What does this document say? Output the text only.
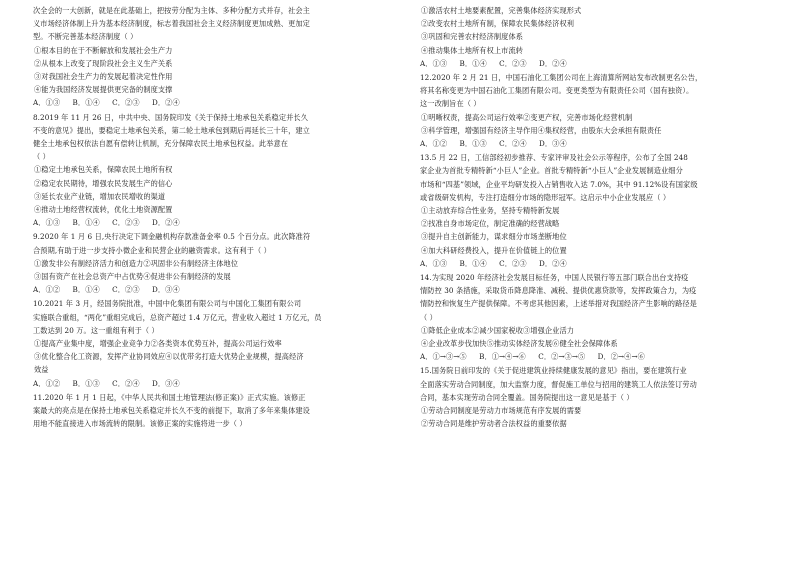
次全会的一大创新，就是在此基础上，把按劳分配为主体、多种分配方式并存，社会主

义市场经济体制上升为基本经济制度，标志着我国社会主义经济制度更加成熟、更加定

型。不断完善基本经济制度（ ）

①根本目的在于不断解放和发展社会生产力

②从根本上改变了现阶段社会主义生产关系

③对我国社会生产力的发展起着决定性作用

④能为我国经济发展提供更完备的制度支撑

A．①③ B．①④ C．②③ D．②④

8.2019 年 11 月 26 日，中共中央、国务院印发《关于保持土地承包关系稳定并长久

不变的意见》提出，要稳定土地承包关系，第二轮土地承包到期后再延长三十年，建立

健全土地承包权依法自愿有偿转让机制，充分保障农民土地承包权益。此举意在

（ ）

①稳定土地承包关系，保障农民土地所有权

②稳定农民期待，增强农民发展生产的信心

③延长农业产业链，增加农民增收的渠道

④推动土地经营权流转，优化土地资源配置

A．①③ B．①④ C．②③ D．②④

9.2020 年 1 月 6 日,央行决定下调金融机构存款准备金率 0.5 个百分点。此次降准符

合预期,有助于进一步支持小微企业和民营企业的融资需求。这有利于（ ）

①激发非公有制经济活力和创造力②巩固非公有制经济主体地位

③国有资产在社会总资产中占优势④促进非公有制经济的发展

A．①② B．①④ C．②③ D．③④

10.2021 年 3 月，经国务院批准，中国中化集团有限公司与中国化工集团有限公司

实施联合重组，“两化”重组完成后，总资产超过 1.4 万亿元，营业收入超过 1 万亿元，员

工数达到 20 万。这一重组有利于（ ）

①提高产业集中度，增强企业竞争力②各类资本优势互补，提高公司运行效率

③优化整合化工资源，发挥产业协同效应④以优带劣打造大优势企业规模，提高经济

效益

A．①② B．①③ C．②④ D．③④

11.2020 年 1 月 1 日起，《中华人民共和国土地管理法(修正案)》正式实施。该修正

案最大的亮点是在保持土地承包关系稳定并长久不变的前提下，取消了多年来集体建设

用地不能直接进入市场流转的限制。该修正案的实施将进一步（ ）

①激活农村土地要素配置，完善集体经济实现形式

②改变农村土地所有制，保障农民集体经济权利

③巩固和完善农村经济制度体系

④推动集体土地所有权上市流转

A．①③ B．①④ C．②③ D．②④

12.2020 年 2 月 21 日，中国石油化工集团公司在上海清算所网站发布改制更名公告，

将其名称变更为中国石油化工集团有限公司。变更类型为有限责任公司（国有独资）。

这一改制旨在（ ）

①明晰权责，提高公司运行效率②变更产权，完善市场化经营机制

③科学管理，增强国有经济主导作用④集权经营，由股东大会承担有限责任

A．①② B．①③ C．②④ D．③④

13.5 月 22 日，工信部经初步推荐、专家评审及社会公示等程序，公布了全国 248

家企业为首批专精特新“小巨人”企业。首批专精特新“小巨人”企业发展制造业细分

市场和“四基”领域，企业平均研发投入占销售收入达 7.0%，其中 91.12%设有国家级

或省级研发机构，专注打造细分市场的隐形冠军。这启示中小企业发展应（ ）

①主动放弃综合性业务，坚持专精特新发展

②找准自身市场定位，制定准确的经营战略

③提升自主创新能力，谋求细分市场垄断地位

④加大科研经费投入，提升在价值链上的位置

A．①③ B．①④ C．②③ D．②④

14.为实现 2020 年经济社会发展目标任务，中国人民银行等五部门联合出台支持疫

情防控 30 条措施，采取货币降息降准、减税、提供优惠贷款等，发挥政策合力，为疫

情防控和恢复生产提供保障。不考虑其他因素，上述举措对我国经济产生影响的路径是

（ ）

①降低企业成本②减少国家税收③增强企业活力

④企业改革步伐加快⑤推动实体经济发展⑥健全社会保障体系

A．①→③→⑤ B．①→④→⑥ C．②→③→⑤ D．②→④→⑥

15.国务院日前印发的《关于促进建筑业持续健康发展的意见》指出，要在建筑行业

全面落实劳动合同制度，加大监察力度，督促施工单位与招用的建筑工人依法签订劳动

合同，基本实现劳动合同全覆盖。国务院提出这一意见是基于（ ）

①劳动合同制度是劳动力市场规范有序发展的需要

②劳动合同是维护劳动者合法权益的重要依据
